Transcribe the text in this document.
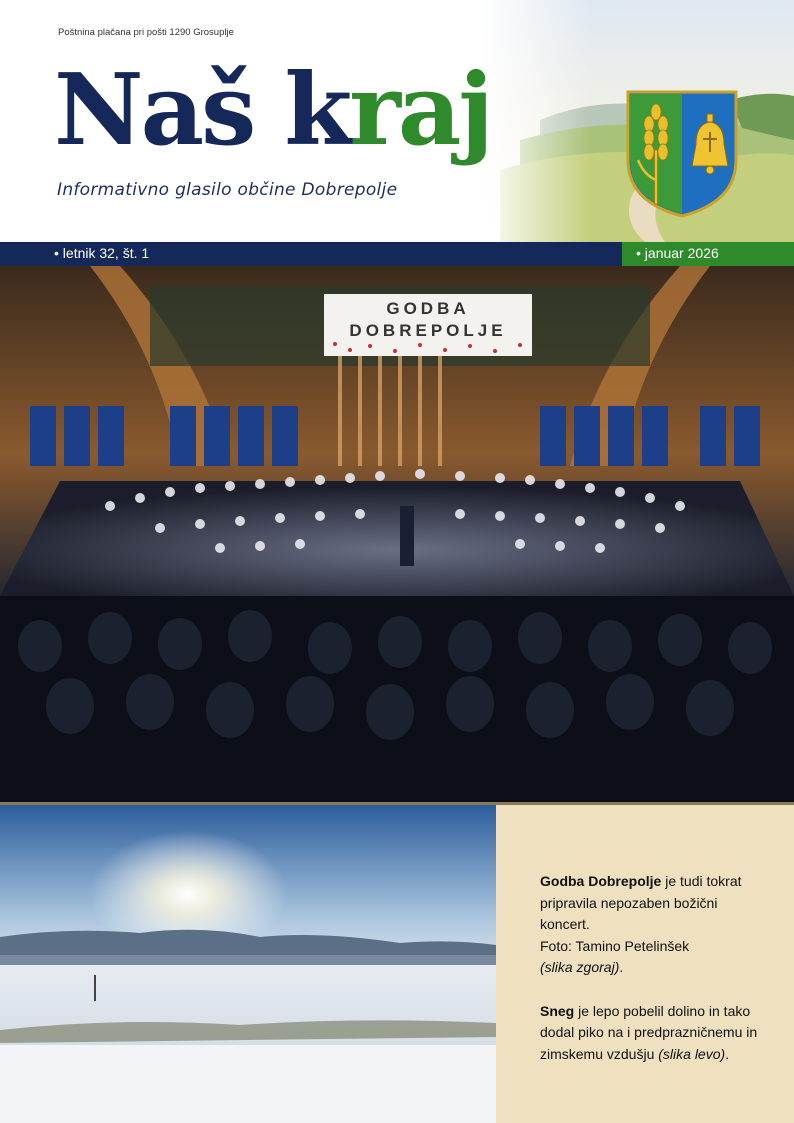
Poštnina plačana pri pošti 1290 Grosuplje
Naš kraj
Informativno glasilo občine Dobrepolje
• letnik 32, št. 1	• januar 2026
GODBA
DOBREPOLJE

Godba Dobrepolje je tudi tokrat pripravila nepozaben božični koncert.
Foto: Tamino Petelinšek
(slika zgoraj).

Sneg je lepo pobelil dolino in tako dodal piko na i predprazničnemu in zimskemu vzdušju (slika levo).
